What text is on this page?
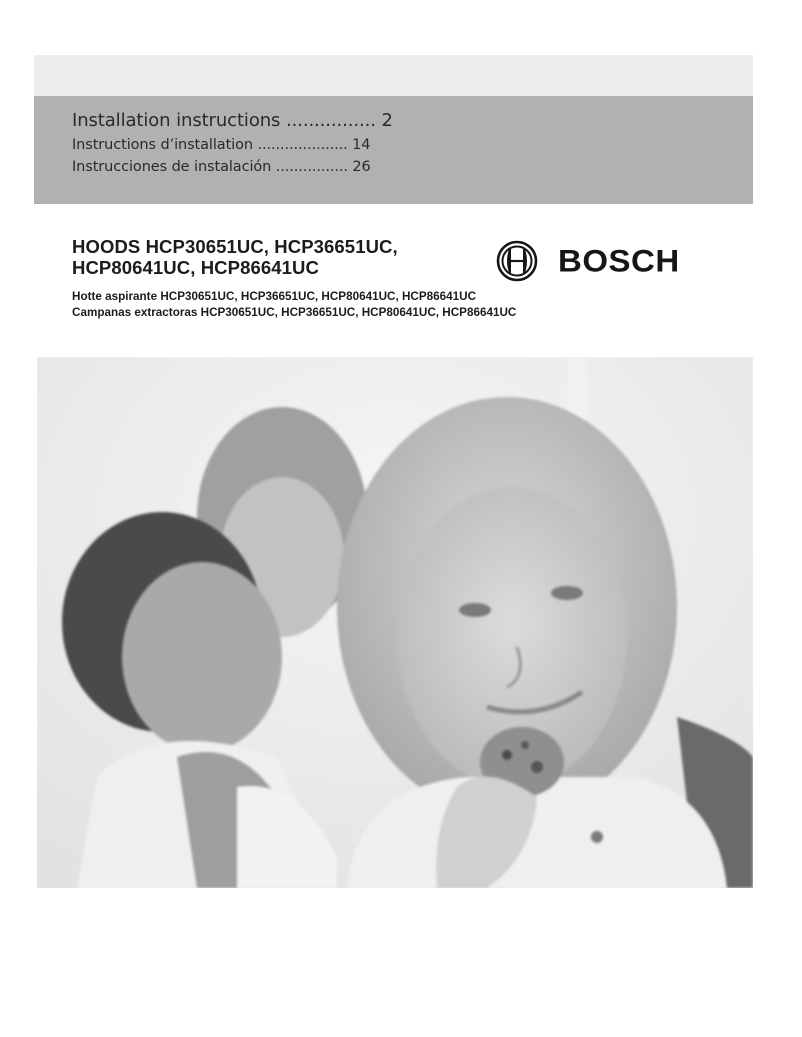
Installation instructions ................ 2
Instructions d’installation .................... 14
Instrucciones de instalación ................ 26
HOODS HCP30651UC, HCP36651UC,
HCP80641UC, HCP86641UC	BOSCH
Hotte aspirante HCP30651UC, HCP36651UC, HCP80641UC, HCP86641UC
Campanas extractoras HCP30651UC, HCP36651UC, HCP80641UC, HCP86641UC
